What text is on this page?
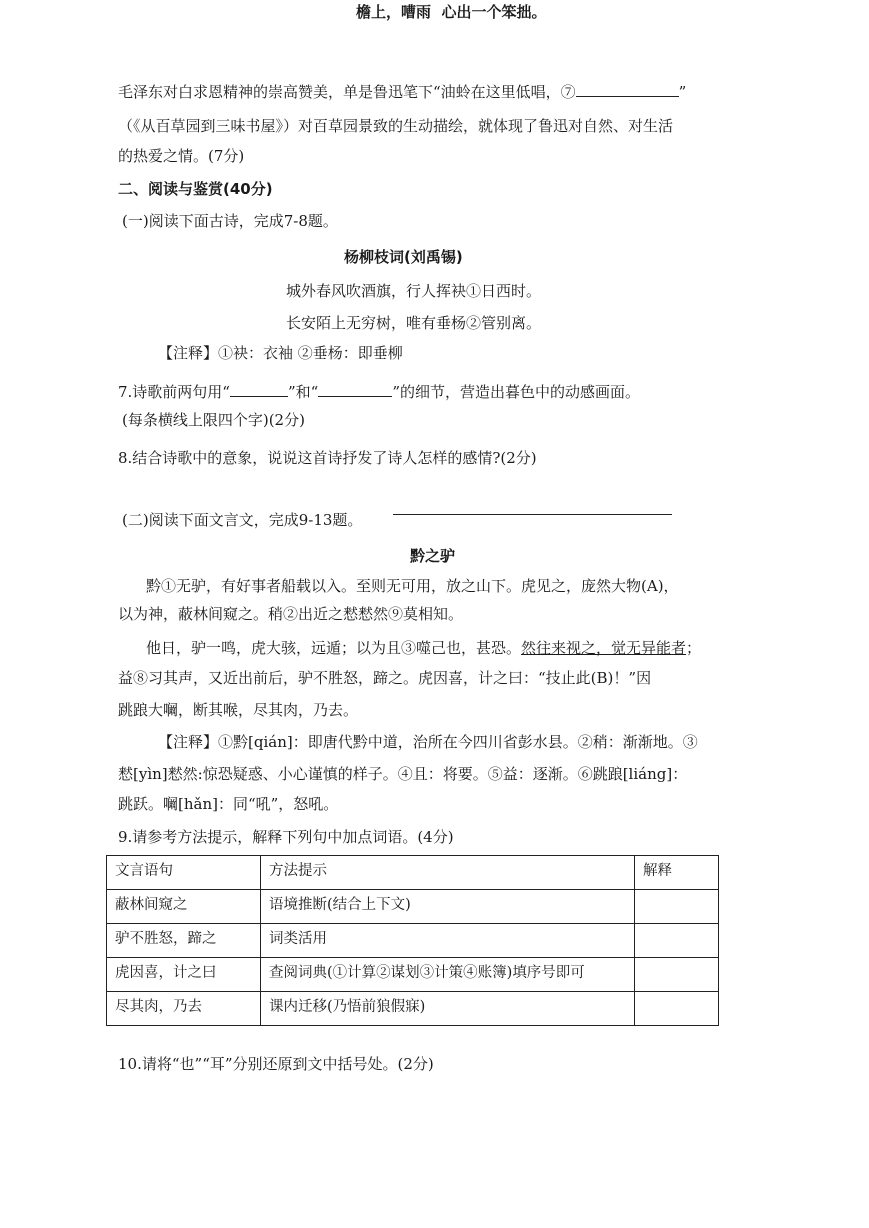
檐上，嘈雨 心出一个笨拙。
毛泽东对白求恩精神的崇高赞美，单是鲁迅笔下“油蛉在这里低唱，⑦	”
（《从百草园到三味书屋》）对百草园景致的生动描绘，就体现了鲁迅对自然、对生活
的热爱之情。(7分)
二、阅读与鉴赏(40分)
(一)阅读下面古诗，完成7-8题。
杨柳枝词(刘禹锡)
城外春风吹酒旗，行人挥袂①日西时。
长安陌上无穷树，唯有垂杨②管别离。
【注释】①袂：衣袖 ②垂杨：即垂柳
7.诗歌前两句用“	”和“	”的细节，营造出暮色中的动感画面。
(每条横线上限四个字)(2分)
8.结合诗歌中的意象，说说这首诗抒发了诗人怎样的感情?(2分)
(二)阅读下面文言文，完成9-13题。
黔之驴
黔①无驴，有好事者船载以入。至则无可用，放之山下。虎见之，庞然大物(A)，
以为神，蔽林间窥之。稍②出近之慭慭然⑨莫相知。
他日，驴一鸣，虎大骇，远遁；以为且③噬己也，甚恐。然往来视之，觉无异能者；
益⑧习其声，又近出前后，驴不胜怒，蹄之。虎因喜，计之曰：“技止此(B)！”因
跳踉大㘎，断其喉，尽其肉，乃去。
【注释】①黔[qián]：即唐代黔中道，治所在今四川省彭水县。②稍：渐渐地。③
慭[yìn]慭然:惊恐疑惑、小心谨慎的样子。④且：将要。⑤益：逐渐。⑥跳踉[liáng]：
跳跃。㘎[hǎn]：同“吼”，怒吼。
9.请参考方法提示，解释下列句中加点词语。(4分)
文言语句	方法提示	解释
蔽林间窥之	语境推断(结合上下文)	
驴不胜怒，蹄之	词类活用	
虎因喜，计之曰	查阅词典(①计算②谋划③计策④账簿)填序号即可	
尽其肉，乃去	课内迁移(乃悟前狼假寐)	
10.请将“也”“耳”分别还原到文中括号处。(2分)
